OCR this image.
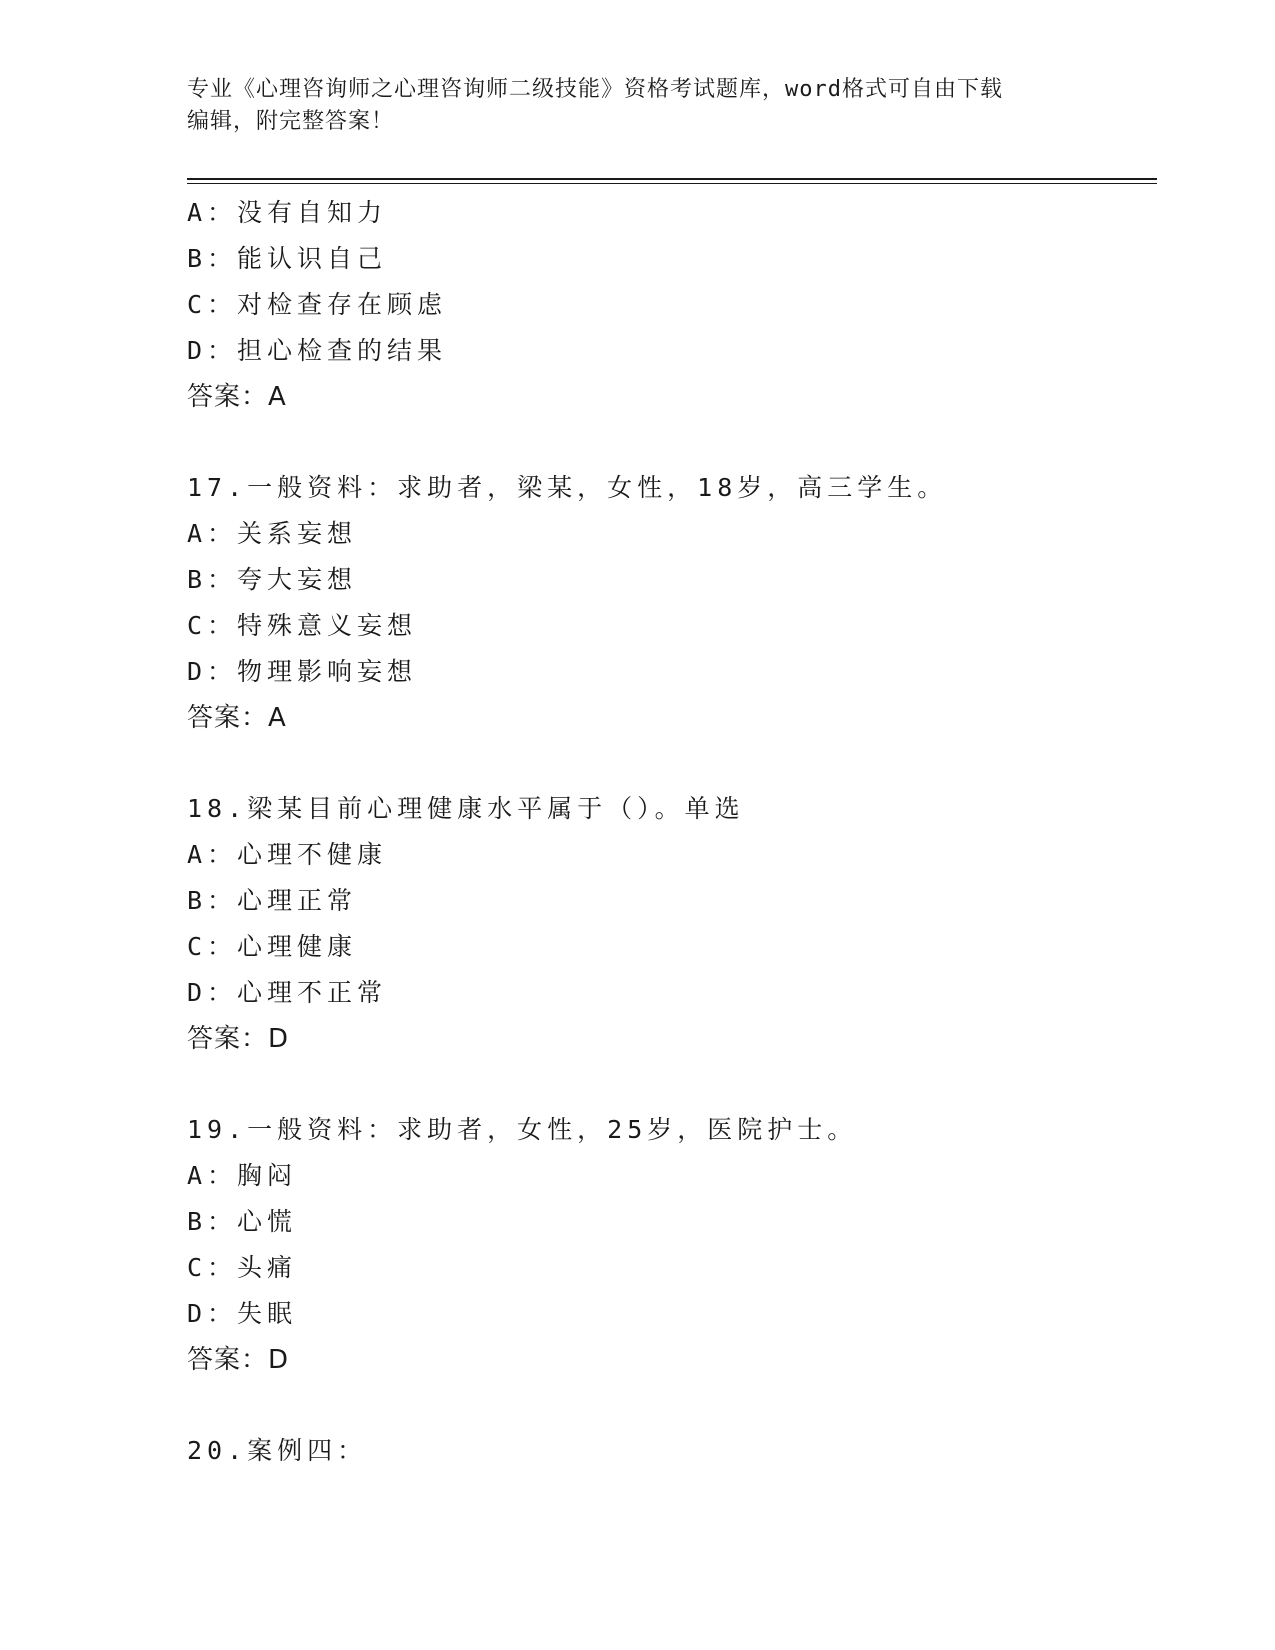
专业《心理咨询师之心理咨询师二级技能》资格考试题库，word格式可自由下载
编辑，附完整答案！
A：没有自知力
B：能认识自己
C：对检查存在顾虑
D：担心检查的结果
答案：A
17.一般资料：求助者，梁某，女性，18岁，高三学生。
A：关系妄想
B：夸大妄想
C：特殊意义妄想
D：物理影响妄想
答案：A
18.梁某目前心理健康水平属于（）。单选
A：心理不健康
B：心理正常
C：心理健康
D：心理不正常
答案：D
19.一般资料：求助者，女性，25岁，医院护士。
A：胸闷
B：心慌
C：头痛
D：失眠
答案：D
20.案例四：
